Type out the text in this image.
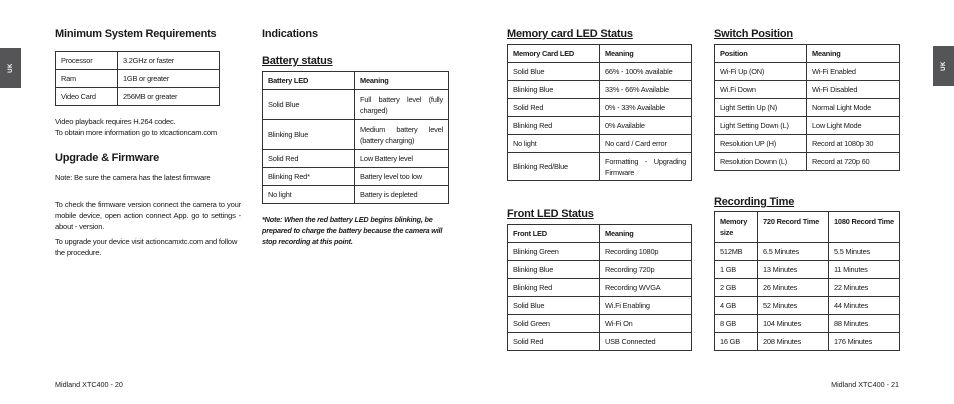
UK	UK
Minimum System Requirements
Processor	3.2GHz or faster
Ram	1GB or greater
Video Card	256MB or greater
Video playback requires H.264 codec.
To obtain more information go to xtcactioncam.com
Upgrade & Firmware
Note: Be sure the camera has the latest firmware
To check the firmware version connect the camera to your mobile device, open action connect App. go to settings - about - version.
To upgrade your device visit actioncamxtc.com and follow the procedure.
Indications
Battery status
Battery LED	Meaning
Solid Blue	Full battery level (fully charged)
Blinking Blue	Medium battery level (battery charging)
Solid Red	Low Battery level
Blinking Red*	Battery level too low
No light	Battery is depleted
*Note: When the red battery LED begins blinking, be prepared to charge the battery because the camera will stop recording at this point.
Memory card LED Status
Memory Card LED	Meaning
Solid Blue	66% - 100% available
Blinking Blue	33% - 66% Available
Solid Red	0% - 33% Available
Blinking Red	0% Available
No light	No card / Card error
Blinking Red/Blue	Formatting - Upgrading Firmware
Front LED Status
Front LED	Meaning
Blinking Green	Recording 1080p
Blinking Blue	Recording 720p
Blinking Red	Recording WVGA
Solid Blue	Wi.Fi Enabling
Solid Green	Wi-Fi On
Solid Red	USB Connected
Switch Position
Position	Meaning
Wi-Fi Up (ON)	Wi-Fi Enabled
Wi.Fi Down	Wi-Fi Disabled
Light Settin Up (N)	Normal Light Mode
Light Setting Down (L)	Low Light Mode
Resolution UP (H)	Record at 1080p 30
Resolution Downn (L)	Record at 720p 60
Recording Time
Memory size	720 Record Time	1080 Record Time
512MB	6.5 Minutes	5.5 Minutes
1 GB	13 Minutes	11 Minutes
2 GB	26 Minutes	22 Minutes
4 GB	52 Minutes	44 Minutes
8 GB	104 Minutes	88 Minutes
16 GB	208 Minutes	176 Minutes
Midland XTC400 - 20	Midland XTC400 - 21
